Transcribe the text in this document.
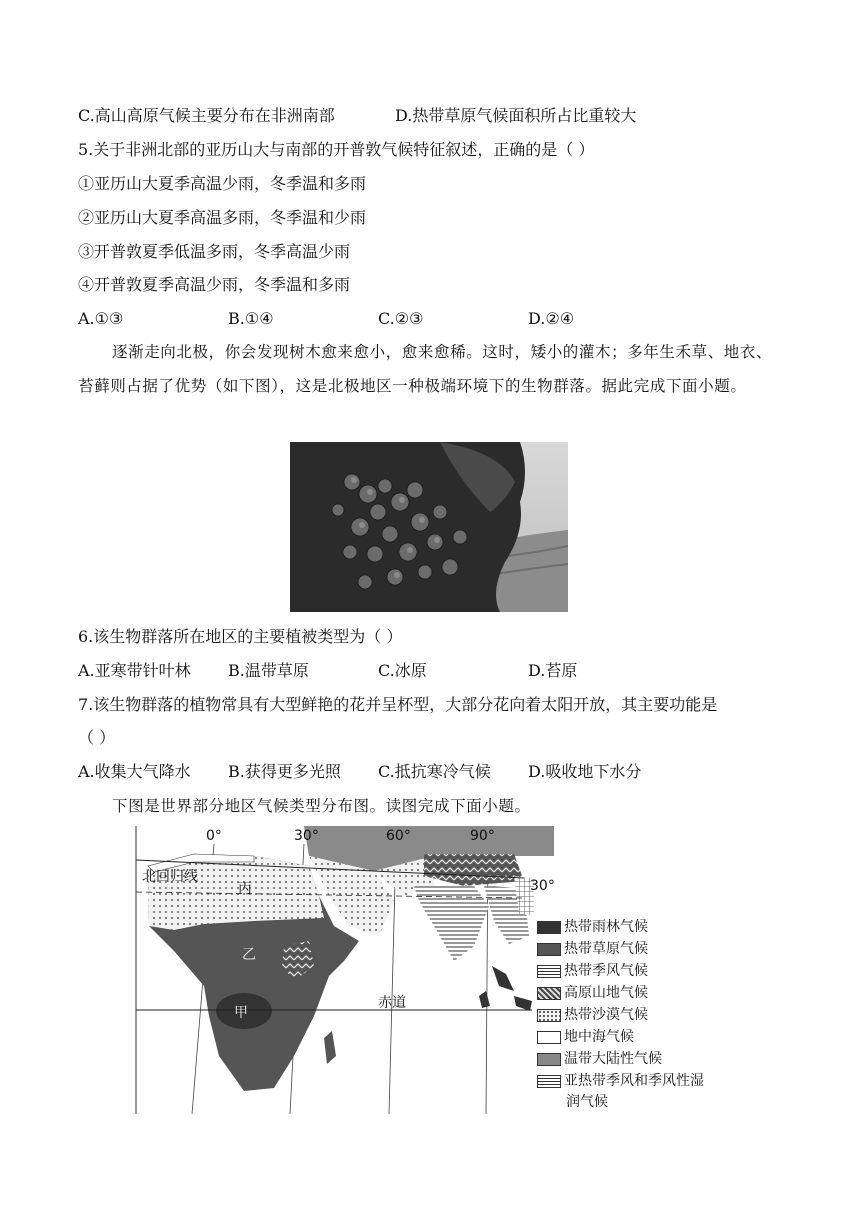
C.高山高原气候主要分布在非洲南部	D.热带草原气候面积所占比重较大
5.关于非洲北部的亚历山大与南部的开普敦气候特征叙述，正确的是（ ）
①亚历山大夏季高温少雨，冬季温和多雨
②亚历山大夏季高温多雨，冬季温和少雨
③开普敦夏季低温多雨，冬季高温少雨
④开普敦夏季高温少雨，冬季温和多雨
A.①③	B.①④	C.②③	D.②④
逐渐走向北极，你会发现树木愈来愈小，愈来愈稀。这时，矮小的灌木；多年生禾草、地衣、苔藓则占据了优势（如下图），这是北极地区一种极端环境下的生物群落。据此完成下面小题。
6.该生物群落所在地区的主要植被类型为（ ）
A.亚寒带针叶林 B.温带草原	C.冰原	D.苔原
7.该生物群落的植物常具有大型鲜艳的花并呈杯型，大部分花向着太阳开放，其主要功能是
（ ）
A.收集大气降水 B.获得更多光照 C.抵抗寒冷气候 D.吸收地下水分
下图是世界部分地区气候类型分布图。读图完成下面小题。
0°	30°	60°	90°
30°
北回归线
赤道
丙
乙
甲
热带雨林气候
热带草原气候
热带季风气候
高原山地气候
热带沙漠气候
地中海气候
温带大陆性气候
亚热带季风和季风性湿
润气候
